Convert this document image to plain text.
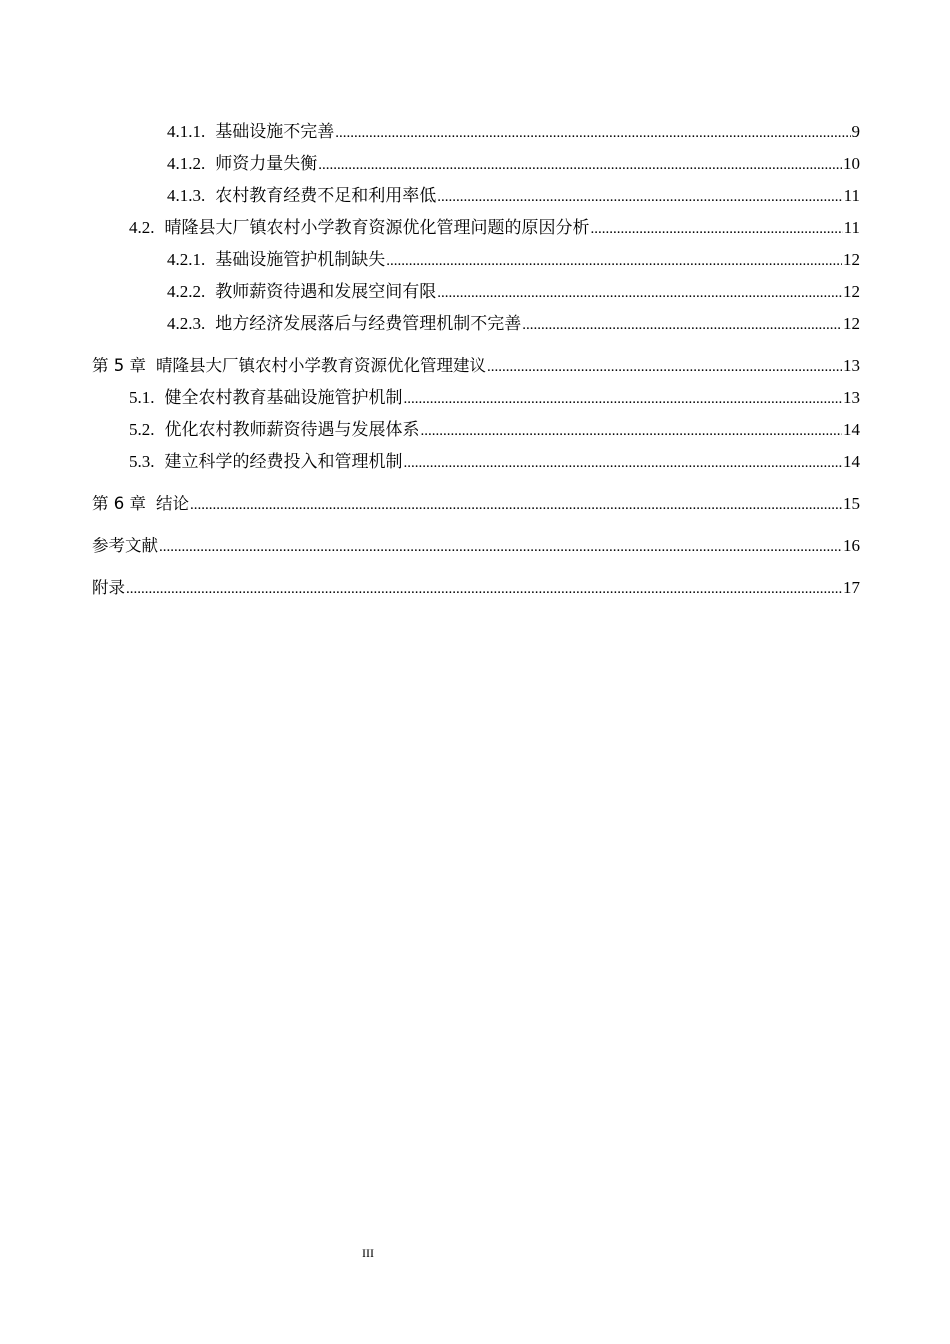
4.1.1. 基础设施不完善 .....	9
4.1.2. 师资力量失衡 .....	10
4.1.3. 农村教育经费不足和利用率低 .....	11
4.2. 晴隆县大厂镇农村小学教育资源优化管理问题的原因分析 .....	11
4.2.1. 基础设施管护机制缺失 .....	12
4.2.2. 教师薪资待遇和发展空间有限 .....	12
4.2.3. 地方经济发展落后与经费管理机制不完善 .....	12
第 5 章 晴隆县大厂镇农村小学教育资源优化管理建议 .....	13
5.1. 健全农村教育基础设施管护机制 .....	13
5.2. 优化农村教师薪资待遇与发展体系 .....	14
5.3. 建立科学的经费投入和管理机制 .....	14
第 6 章 结论 .....	15
参考文献 .....	16
附录 .....	17
III
